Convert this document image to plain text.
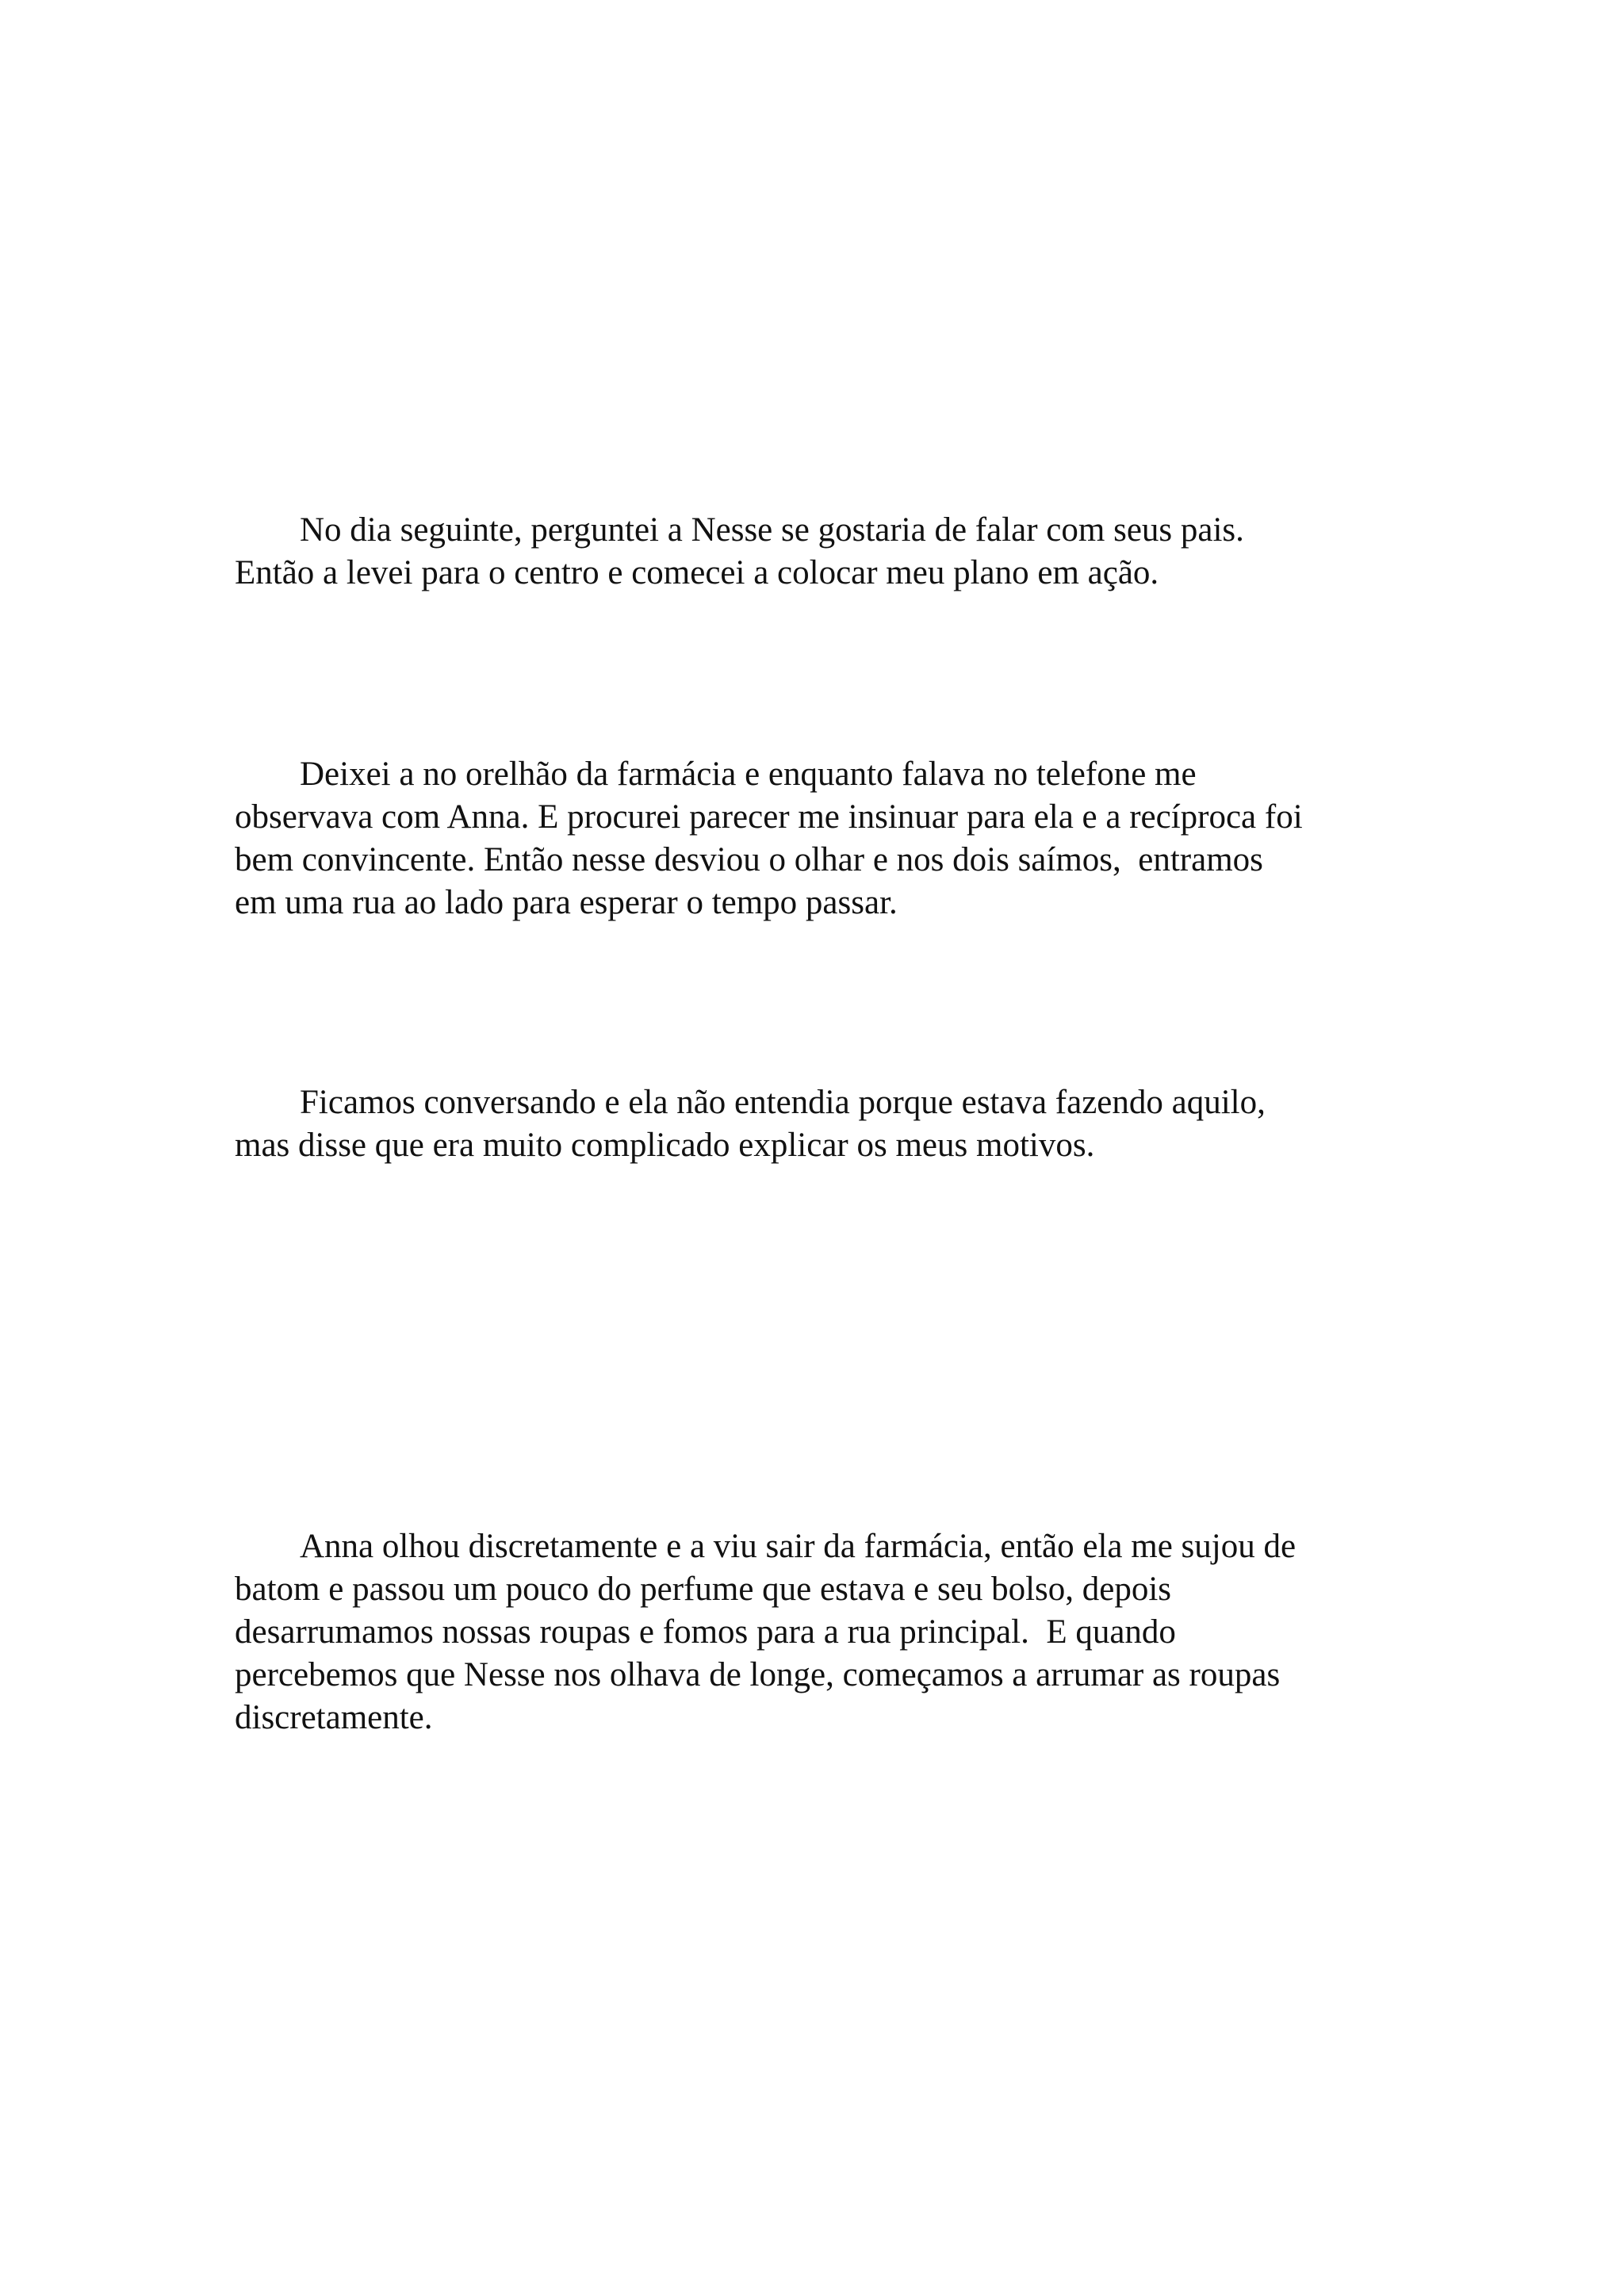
No dia seguinte, perguntei a Nesse se gostaria de falar com seus pais.
Então a levei para o centro e comecei a colocar meu plano em ação.
Deixei a no orelhão da farmácia e enquanto falava no telefone me
observava com Anna. E procurei parecer me insinuar para ela e a recíproca foi
bem convincente. Então nesse desviou o olhar e nos dois saímos,  entramos
em uma rua ao lado para esperar o tempo passar.
Ficamos conversando e ela não entendia porque estava fazendo aquilo,
mas disse que era muito complicado explicar os meus motivos.
Anna olhou discretamente e a viu sair da farmácia, então ela me sujou de
batom e passou um pouco do perfume que estava e seu bolso, depois
desarrumamos nossas roupas e fomos para a rua principal.  E quando
percebemos que Nesse nos olhava de longe, começamos a arrumar as roupas
discretamente.
